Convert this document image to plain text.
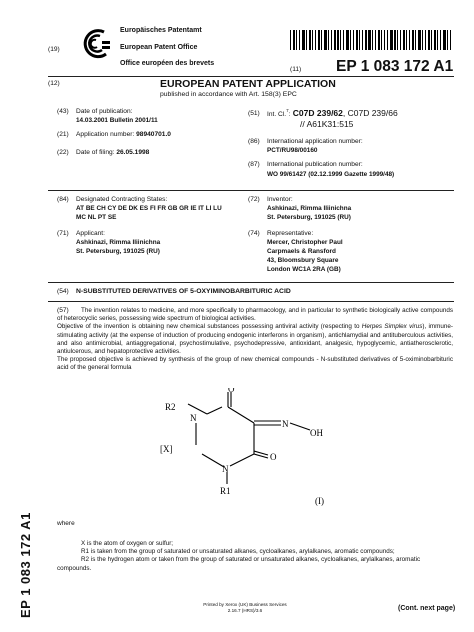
(19)
Europäisches Patentamt
European Patent Office
Office européen des brevets
(11) EP 1 083 172 A1
(12)	EUROPEAN PATENT APPLICATION
published in accordance with Art. 158(3) EPC
(43) Date of publication:
14.03.2001 Bulletin 2001/11
(21) Application number: 98940701.0
(22) Date of filing: 26.05.1998
(51) Int. Cl.$^7$: C07D 239/62, C07D 239/66
// A61K31:515
(86) International application number:
PCT/RU98/00160
(87) International publication number:
WO 99/61427 (02.12.1999 Gazette 1999/48)
(84) Designated Contracting States:
AT BE CH CY DE DK ES FI FR GB GR IE IT LI LU
MC NL PT SE
(71) Applicant:
Ashkinazi, Rimma Iliinichna
St. Petersburg, 191025 (RU)
(72) Inventor:
Ashkinazi, Rimma Iliinichna
St. Petersburg, 191025 (RU)
(74) Representative:
Mercer, Christopher Paul
Carpmaels & Ransford
43, Bloomsbury Square
London WC1A 2RA (GB)
(54) N-SUBSTITUTED DERIVATIVES OF 5-OXYIMINOBARBITURIC ACID
(57)	The invention relates to medicine, and more specifically to pharmacology, and in particular to synthetic biologically active compounds of heterocyclic series, possessing wide spectrum of biological activities.

Objective of the invention is obtaining new chemical substances possessing antiviral activity (respecting to Herpes Simplex virus), immune-stimulating activity (at the expense of induction of producing endogenic interferons in organism), antichlamydial and antituberculous activities, and also antimicrobial, antiaggregational, psychostimulative, psychodepressive, antioxidant, analgesic, hypoglycemic, antiatherosclerotic, antiulcerous, and hepatoprotective activities.

The proposed objective is achieved by synthesis of the group of new chemical compounds - N-substituted derivatives of 5-oximinobarbituric acid of the general formula

R2
N
O
N
OH
O
[X]
N
R1
(I)
where

X is the atom of oxygen or sulfur;

R1 is taken from the group of saturated or unsaturated alkanes, cycloalkanes, arylalkanes, aromatic compounds;

R2 is the hydrogen atom or taken from the group of saturated or unsaturated alkanes, cycloalkanes, arylalkanes, aromatic compounds.

EP 1 083 172 A1	Printed by Xerox (UK) Business Services
2.16.7 (HRS)/3.6	(Cont. next page)
